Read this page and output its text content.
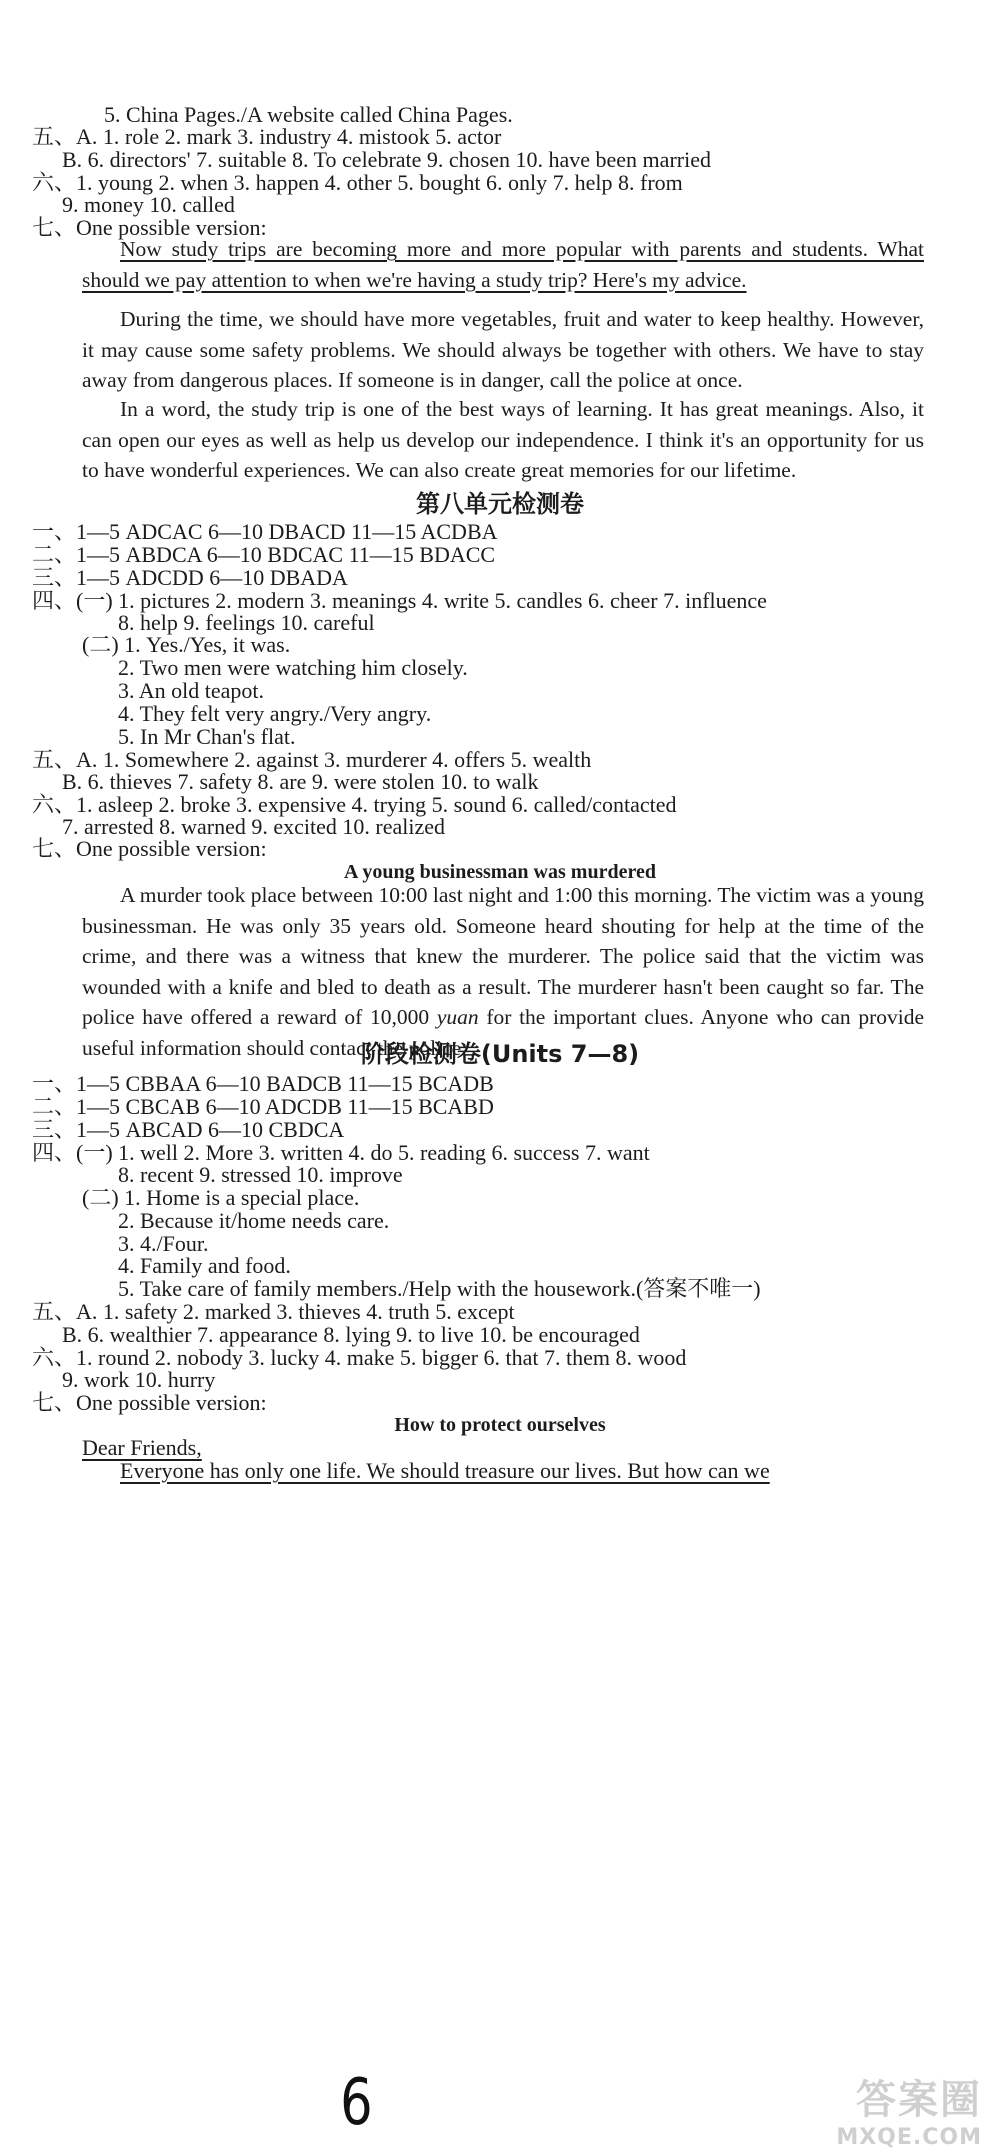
5. China Pages./A website called China Pages.
五、A. 1. role 2. mark 3. industry 4. mistook 5. actor
B. 6. directors' 7. suitable 8. To celebrate 9. chosen 10. have been married
六、1. young 2. when 3. happen 4. other 5. bought 6. only 7. help 8. from
9. money 10. called
七、One possible version:
Now study trips are becoming more and more popular with parents and students. What should we pay attention to when we're having a study trip? Here's my advice.
During the time, we should have more vegetables, fruit and water to keep healthy. However, it may cause some safety problems. We should always be together with others. We have to stay away from dangerous places. If someone is in danger, call the police at once.
In a word, the study trip is one of the best ways of learning. It has great meanings. Also, it can open our eyes as well as help us develop our independence. I think it's an opportunity for us to have wonderful experiences. We can also create great memories for our lifetime.
第八单元检测卷
一、1—5 ADCAC 6—10 DBACD 11—15 ACDBA
二、1—5 ABDCA 6—10 BDCAC 11—15 BDACC
三、1—5 ADCDD 6—10 DBADA
四、(一) 1. pictures 2. modern 3. meanings 4. write 5. candles 6. cheer 7. influence
8. help 9. feelings 10. careful
(二) 1. Yes./Yes, it was.
2. Two men were watching him closely.
3. An old teapot.
4. They felt very angry./Very angry.
5. In Mr Chan's flat.
五、A. 1. Somewhere 2. against 3. murderer 4. offers 5. wealth
B. 6. thieves 7. safety 8. are 9. were stolen 10. to walk
六、1. asleep 2. broke 3. expensive 4. trying 5. sound 6. called/contacted
7. arrested 8. warned 9. excited 10. realized
七、One possible version:
A young businessman was murdered
A murder took place between 10:00 last night and 1:00 this morning. The victim was a young businessman. He was only 35 years old. Someone heard shouting for help at the time of the crime, and there was a witness that knew the murderer. The police said that the victim was wounded with a knife and bled to death as a result. The murderer hasn't been caught so far. The police have offered a reward of 10,000 yuan for the important clues. Anyone who can provide useful information should contact the police.
阶段检测卷(Units 7—8)
一、1—5 CBBAA 6—10 BADCB 11—15 BCADB
二、1—5 CBCAB 6—10 ADCDB 11—15 BCABD
三、1—5 ABCAD 6—10 CBDCA
四、(一) 1. well 2. More 3. written 4. do 5. reading 6. success 7. want
8. recent 9. stressed 10. improve
(二) 1. Home is a special place.
2. Because it/home needs care.
3. 4./Four.
4. Family and food.
5. Take care of family members./Help with the housework.(答案不唯一)
五、A. 1. safety 2. marked 3. thieves 4. truth 5. except
B. 6. wealthier 7. appearance 8. lying 9. to live 10. be encouraged
六、1. round 2. nobody 3. lucky 4. make 5. bigger 6. that 7. them 8. wood
9. work 10. hurry
七、One possible version:
How to protect ourselves
Dear Friends,
Everyone has only one life. We should treasure our lives. But how can we
6	答案圈
MXQE.COM
